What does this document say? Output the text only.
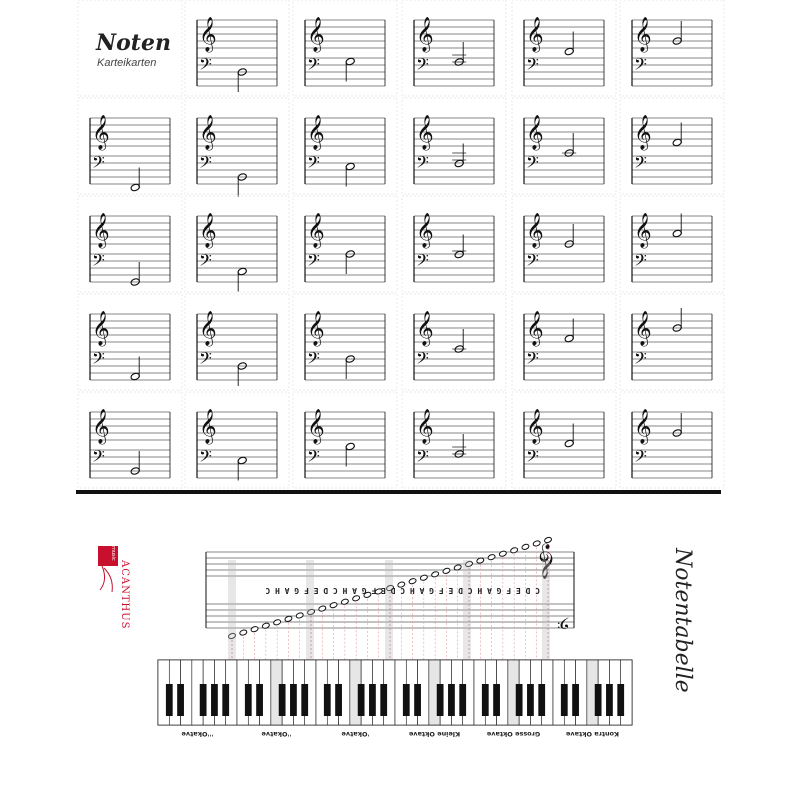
𝄞
𝄢
𝄞
𝄢
𝄞
𝄢
𝄞
𝄢
𝄞
𝄢
𝄞
𝄢
𝄞
𝄢
𝄞
𝄢
𝄞
𝄢
𝄞
𝄢
𝄞
𝄢
𝄞
𝄢
𝄞
𝄢
𝄞
𝄢
𝄞
𝄢
𝄞
𝄢
𝄞
𝄢
𝄞
𝄢
𝄞
𝄢
𝄞
𝄢
𝄞
𝄢
𝄞
𝄢
𝄞
𝄢
𝄞
𝄢
𝄞
𝄢
𝄞
𝄢
𝄞
𝄢
𝄞
𝄢
𝄞
𝄢
Noten
Karteikarten
music
ACANTHUS	𝄞
𝄢
C D E F G A H C D E F G A H C D E F G A H C D E F G A H C
Kontra Oktave
Grosse Oktave
Kleine Oktave
'Okatve
''Okatve
'''Okatve
Notentabelle
